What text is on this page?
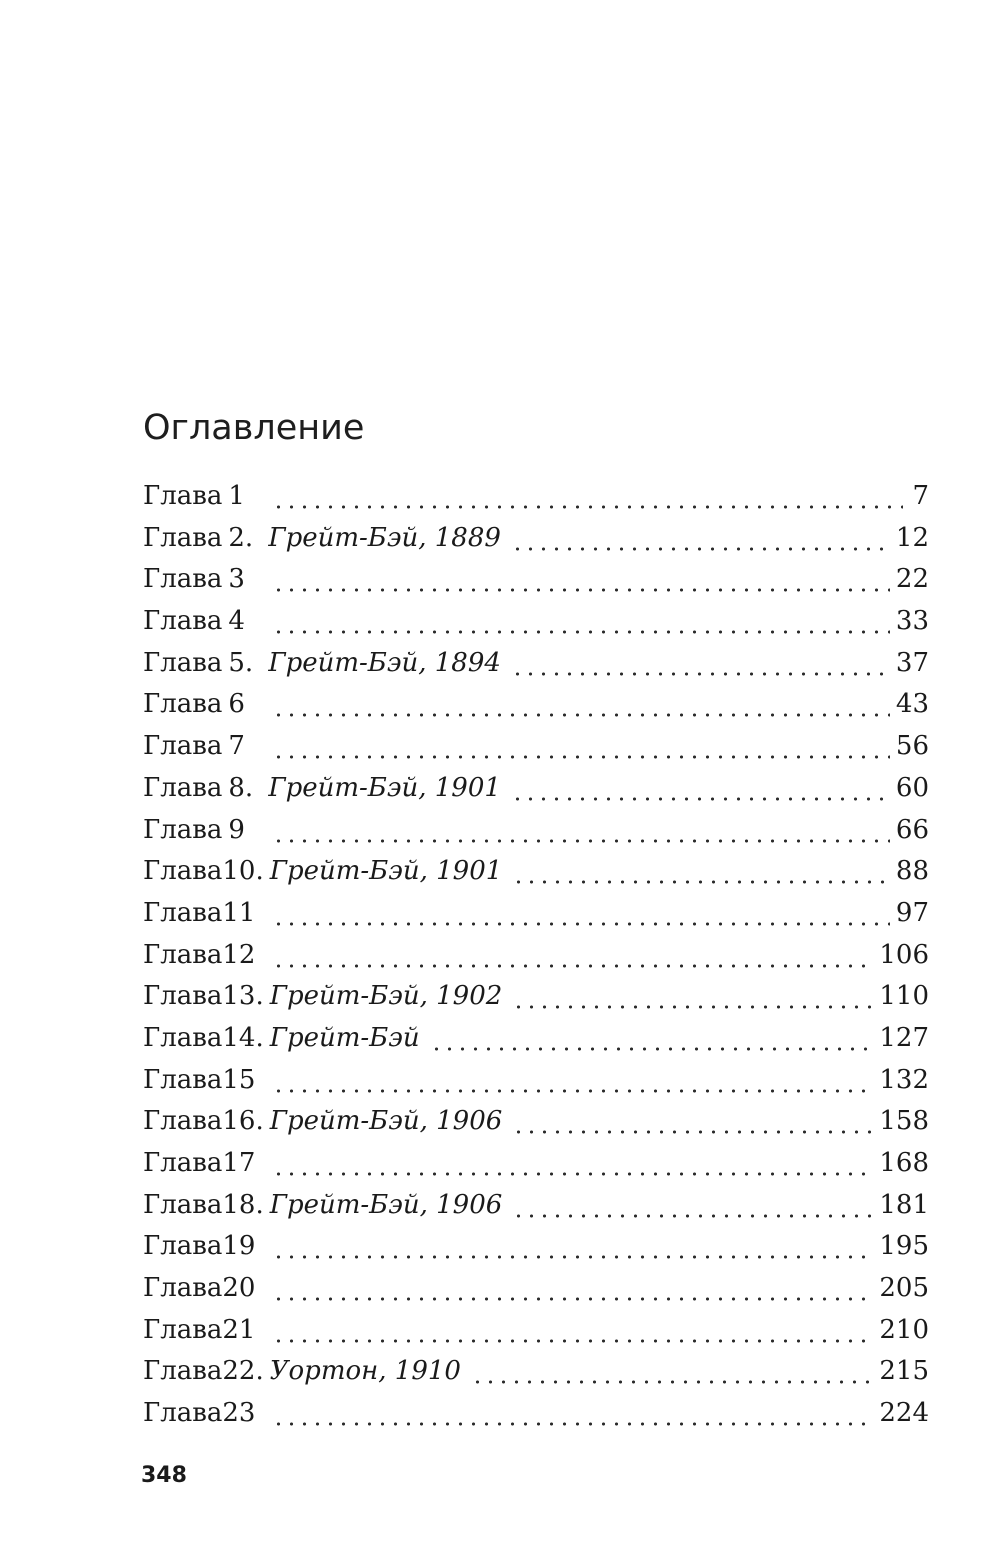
Оглавление
Глава 1	7
Глава 2. Грейт-Бэй, 1889	12
Глава 3	22
Глава 4	33
Глава 5. Грейт-Бэй, 1894	37
Глава 6	43
Глава 7	56
Глава 8. Грейт-Бэй, 1901	60
Глава 9	66
Глава 10. Грейт-Бэй, 1901	88
Глава 11	97
Глава 12	106
Глава 13. Грейт-Бэй, 1902	110
Глава 14. Грейт-Бэй	127
Глава 15	132
Глава 16. Грейт-Бэй, 1906	158
Глава 17	168
Глава 18. Грейт-Бэй, 1906	181
Глава 19	195
Глава 20	205
Глава 21	210
Глава 22. Уортон, 1910	215
Глава 23	224
348
